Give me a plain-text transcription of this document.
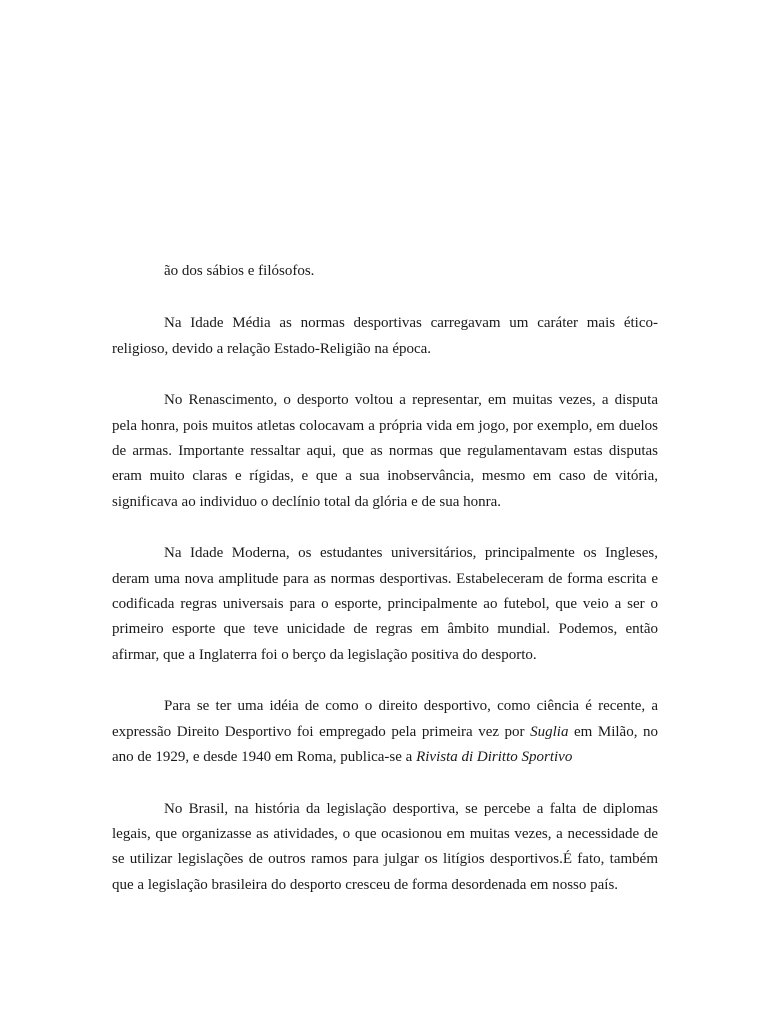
ão dos sábios e filósofos.

Na Idade Média as normas desportivas carregavam um caráter mais ético-religioso, devido a relação Estado-Religião na época.

No Renascimento, o desporto voltou a representar, em muitas vezes, a disputa pela honra, pois muitos atletas colocavam a própria vida em jogo, por exemplo, em duelos de armas. Importante ressaltar aqui, que as normas que regulamentavam estas disputas eram muito claras e rígidas, e que a sua inobservância, mesmo em caso de vitória, significava ao individuo o declínio total da glória e de sua honra.

Na Idade Moderna, os estudantes universitários, principalmente os Ingleses, deram uma nova amplitude para as normas desportivas. Estabeleceram de forma escrita e codificada regras universais para o esporte, principalmente ao futebol, que veio a ser o primeiro esporte que teve unicidade de regras em âmbito mundial. Podemos, então afirmar, que a Inglaterra foi o berço da legislação positiva do desporto.

Para se ter uma idéia de como o direito desportivo, como ciência é recente, a expressão Direito Desportivo foi empregado pela primeira vez por Suglia em Milão, no ano de 1929, e desde 1940 em Roma, publica-se a Rivista di Diritto Sportivo

No Brasil, na história da legislação desportiva, se percebe a falta de diplomas legais, que organizasse as atividades, o que ocasionou em muitas vezes, a necessidade de se utilizar legislações de outros ramos para julgar os litígios desportivos.É fato, também que a legislação brasileira do desporto cresceu de forma desordenada em nosso país.
